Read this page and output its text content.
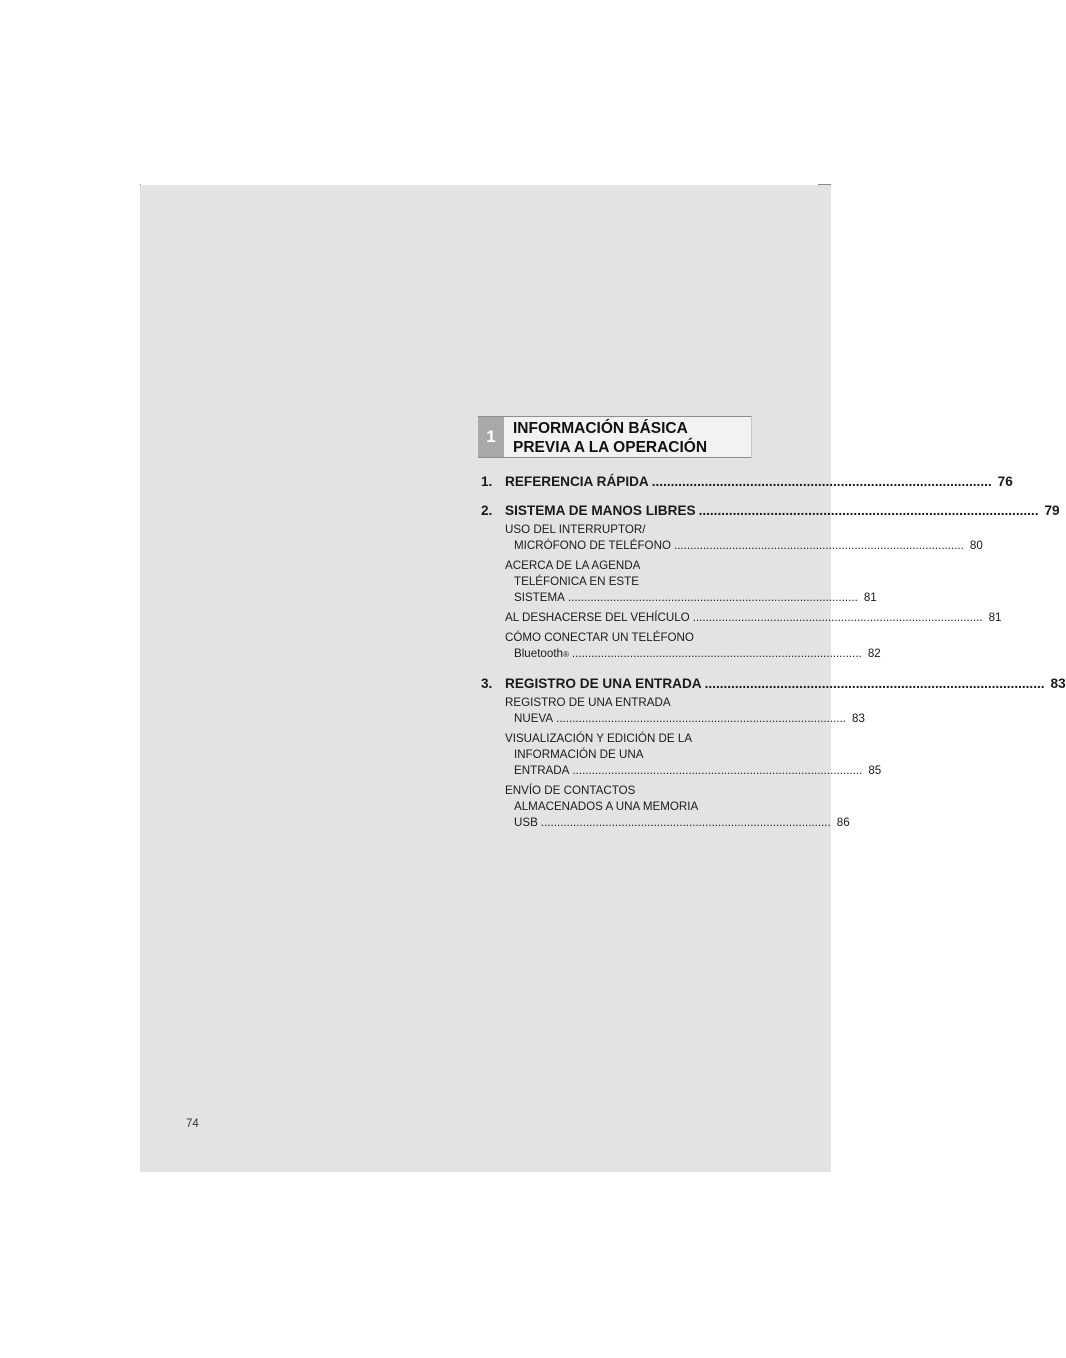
1	INFORMACIÓN BÁSICA
PREVIA A LA OPERACIÓN
1. REFERENCIA RÁPIDA .......................................................................................... 76
2. SISTEMA DE MANOS LIBRES .......................................................................................... 79
USO DEL INTERRUPTOR/
MICRÓFONO DE TELÉFONO .......................................................................................... 80
ACERCA DE LA AGENDA
TELÉFONICA EN ESTE
SISTEMA .......................................................................................... 81
AL DESHACERSE DEL VEHÍCULO .......................................................................................... 81
CÓMO CONECTAR UN TELÉFONO
Bluetooth ® .......................................................................................... 82
3. REGISTRO DE UNA ENTRADA .......................................................................................... 83
REGISTRO DE UNA ENTRADA
NUEVA .......................................................................................... 83
VISUALIZACIÓN Y EDICIÓN DE LA
INFORMACIÓN DE UNA
ENTRADA .......................................................................................... 85
ENVÍO DE CONTACTOS
ALMACENADOS A UNA MEMORIA
USB .......................................................................................... 86
74
